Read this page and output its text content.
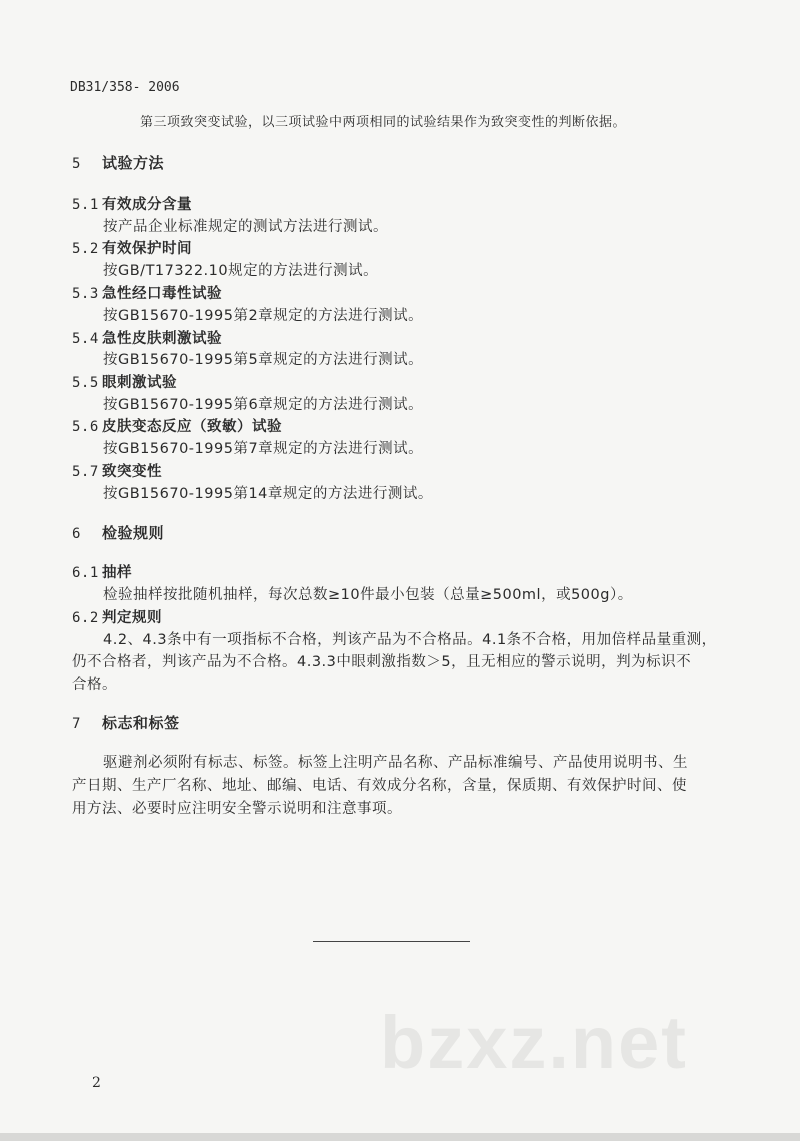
DB31/358- 2006
第三项致突变试验，以三项试验中两项相同的试验结果作为致突变性的判断依据。
5 试验方法
5.1 有效成分含量
按产品企业标准规定的测试方法进行测试。
5.2 有效保护时间
按GB/T17322.10规定的方法进行测试。
5.3 急性经口毒性试验
按GB15670-1995第2章规定的方法进行测试。
5.4 急性皮肤刺激试验
按GB15670-1995第5章规定的方法进行测试。
5.5 眼刺激试验
按GB15670-1995第6章规定的方法进行测试。
5.6 皮肤变态反应（致敏）试验
按GB15670-1995第7章规定的方法进行测试。
5.7 致突变性
按GB15670-1995第14章规定的方法进行测试。
6 检验规则
6.1 抽样
检验抽样按批随机抽样，每次总数≥10件最小包装（总量≥500ml，或500g）。
6.2 判定规则
4.2、4.3条中有一项指标不合格，判该产品为不合格品。4.1条不合格，用加倍样品量重测，
仍不合格者，判该产品为不合格。4.3.3中眼刺激指数＞5，且无相应的警示说明，判为标识不
合格。
7 标志和标签
驱避剂必须附有标志、标签。标签上注明产品名称、产品标准编号、产品使用说明书、生
产日期、生产厂名称、地址、邮编、电话、有效成分名称，含量，保质期、有效保护时间、使
用方法、必要时应注明安全警示说明和注意事项。
bzxz.net
2
